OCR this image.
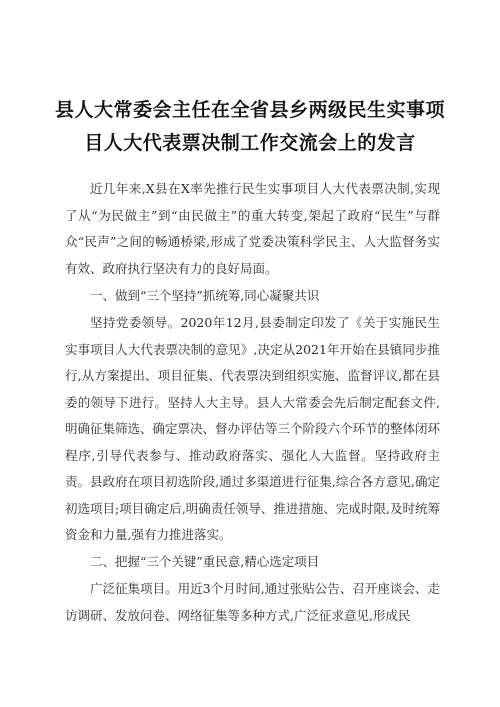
县人大常委会主任在全省县乡两级民生实事项
目人大代表票决制工作交流会上的发言
近几年来,X县在X率先推行民生实事项目人大代表票决制,实现了从“为民做主”到“由民做主”的重大转变,架起了政府“民生”与群众“民声”之间的畅通桥梁,形成了党委决策科学民主、人大监督务实有效、政府执行坚决有力的良好局面。
一、做到“三个坚持”抓统筹,同心凝聚共识
坚持党委领导。2020年12月,县委制定印发了《关于实施民生实事项目人大代表票决制的意见》,决定从2021年开始在县镇同步推行,从方案提出、项目征集、代表票决到组织实施、监督评议,都在县委的领导下进行。坚持人大主导。县人大常委会先后制定配套文件,明确征集筛选、确定票决、督办评估等三个阶段六个环节的整体闭环程序,引导代表参与、推动政府落实、强化人大监督。坚持政府主责。县政府在项目初选阶段,通过多渠道进行征集,综合各方意见,确定初选项目;项目确定后,明确责任领导、推进措施、完成时限,及时统筹资金和力量,强有力推进落实。
二、把握“三个关键”重民意,精心选定项目
广泛征集项目。用近3个月时间,通过张贴公告、召开座谈会、走访调研、发放问卷、网络征集等多种方式,广泛征求意见,形成民
